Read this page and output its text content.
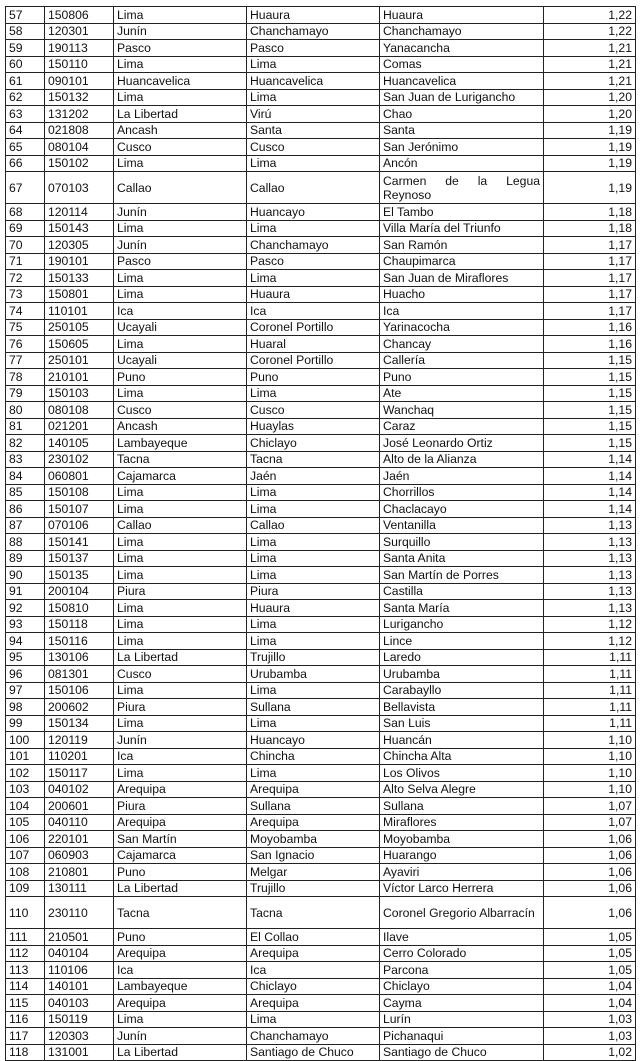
57	150806	Lima	Huaura	Huaura	1,22
58	120301	Junín	Chanchamayo	Chanchamayo	1,22
59	190113	Pasco	Pasco	Yanacancha	1,21
60	150110	Lima	Lima	Comas	1,21
61	090101	Huancavelica	Huancavelica	Huancavelica	1,21
62	150132	Lima	Lima	San Juan de Lurigancho	1,20
63	131202	La Libertad	Virú	Chao	1,20
64	021808	Ancash	Santa	Santa	1,19
65	080104	Cusco	Cusco	San Jerónimo	1,19
66	150102	Lima	Lima	Ancón	1,19
67	070103	Callao	Callao	Carmen de la Legua Reynoso	1,19
68	120114	Junín	Huancayo	El Tambo	1,18
69	150143	Lima	Lima	Villa María del Triunfo	1,18
70	120305	Junín	Chanchamayo	San Ramón	1,17
71	190101	Pasco	Pasco	Chaupimarca	1,17
72	150133	Lima	Lima	San Juan de Miraflores	1,17
73	150801	Lima	Huaura	Huacho	1,17
74	110101	Ica	Ica	Ica	1,17
75	250105	Ucayali	Coronel Portillo	Yarinacocha	1,16
76	150605	Lima	Huaral	Chancay	1,16
77	250101	Ucayali	Coronel Portillo	Callería	1,15
78	210101	Puno	Puno	Puno	1,15
79	150103	Lima	Lima	Ate	1,15
80	080108	Cusco	Cusco	Wanchaq	1,15
81	021201	Ancash	Huaylas	Caraz	1,15
82	140105	Lambayeque	Chiclayo	José Leonardo Ortiz	1,15
83	230102	Tacna	Tacna	Alto de la Alianza	1,14
84	060801	Cajamarca	Jaén	Jaén	1,14
85	150108	Lima	Lima	Chorrillos	1,14
86	150107	Lima	Lima	Chaclacayo	1,14
87	070106	Callao	Callao	Ventanilla	1,13
88	150141	Lima	Lima	Surquillo	1,13
89	150137	Lima	Lima	Santa Anita	1,13
90	150135	Lima	Lima	San Martín de Porres	1,13
91	200104	Piura	Piura	Castilla	1,13
92	150810	Lima	Huaura	Santa María	1,13
93	150118	Lima	Lima	Lurigancho	1,12
94	150116	Lima	Lima	Lince	1,12
95	130106	La Libertad	Trujillo	Laredo	1,11
96	081301	Cusco	Urubamba	Urubamba	1,11
97	150106	Lima	Lima	Carabayllo	1,11
98	200602	Piura	Sullana	Bellavista	1,11
99	150134	Lima	Lima	San Luis	1,11
100	120119	Junín	Huancayo	Huancán	1,10
101	110201	Ica	Chincha	Chincha Alta	1,10
102	150117	Lima	Lima	Los Olivos	1,10
103	040102	Arequipa	Arequipa	Alto Selva Alegre	1,10
104	200601	Piura	Sullana	Sullana	1,07
105	040110	Arequipa	Arequipa	Miraflores	1,07
106	220101	San Martín	Moyobamba	Moyobamba	1,06
107	060903	Cajamarca	San Ignacio	Huarango	1,06
108	210801	Puno	Melgar	Ayaviri	1,06
109	130111	La Libertad	Trujillo	Víctor Larco Herrera	1,06
110	230110	Tacna	Tacna	Coronel Gregorio Albarracín	1,06
111	210501	Puno	El Collao	Ilave	1,05
112	040104	Arequipa	Arequipa	Cerro Colorado	1,05
113	110106	Ica	Ica	Parcona	1,05
114	140101	Lambayeque	Chiclayo	Chiclayo	1,04
115	040103	Arequipa	Arequipa	Cayma	1,04
116	150119	Lima	Lima	Lurín	1,03
117	120303	Junín	Chanchamayo	Pichanaqui	1,03
118	131001	La Libertad	Santiago de Chuco	Santiago de Chuco	1,02
